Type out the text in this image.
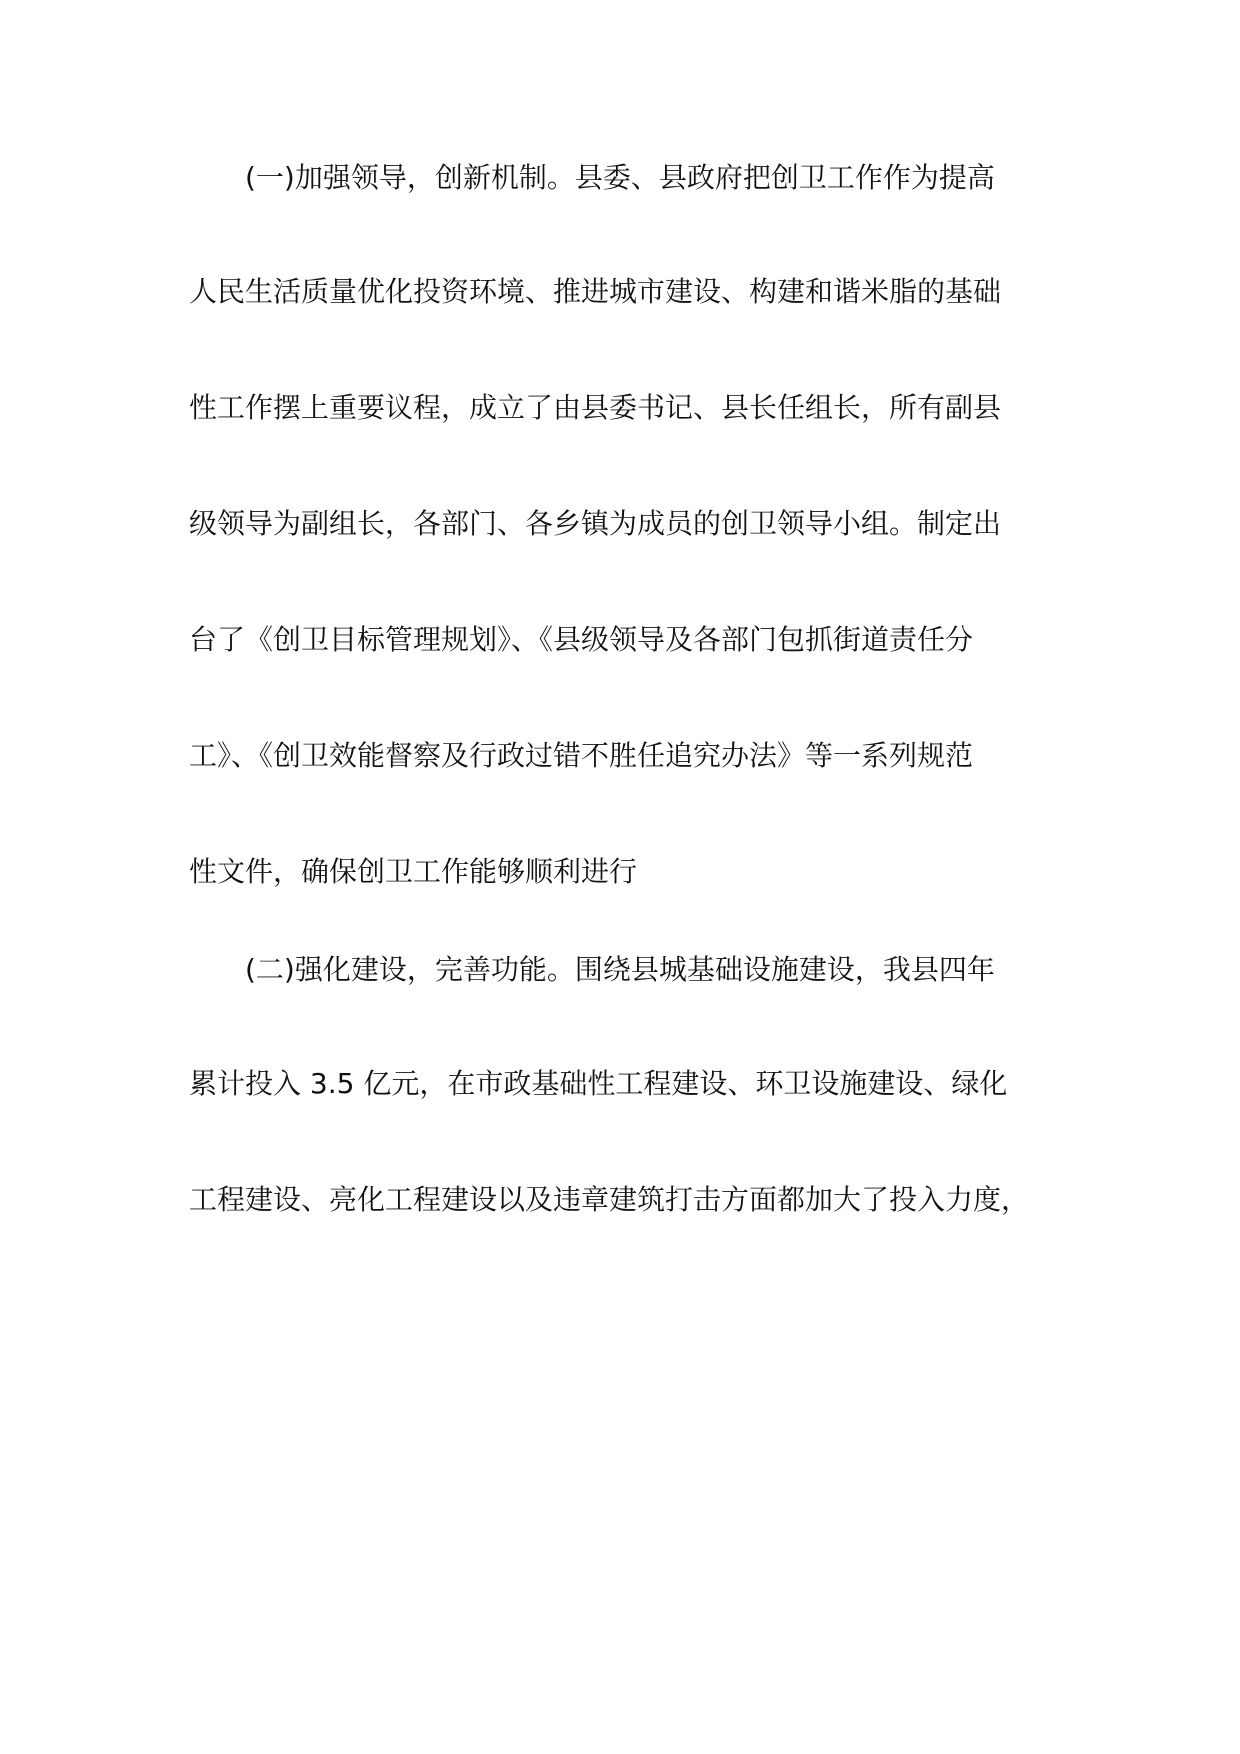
(一)加强领导，创新机制。县委、县政府把创卫工作作为提高
人民生活质量优化投资环境、推进城市建设、构建和谐米脂的基础
性工作摆上重要议程，成立了由县委书记、县长任组长，所有副县
级领导为副组长，各部门、各乡镇为成员的创卫领导小组。制定出
台了《创卫目标管理规划》、《县级领导及各部门包抓街道责任分
工》、《创卫效能督察及行政过错不胜任追究办法》等一系列规范
性文件，确保创卫工作能够顺利进行
(二)强化建设，完善功能。围绕县城基础设施建设，我县四年
累计投入 3.5 亿元，在市政基础性工程建设、环卫设施建设、绿化
工程建设、亮化工程建设以及违章建筑打击方面都加大了投入力度，
